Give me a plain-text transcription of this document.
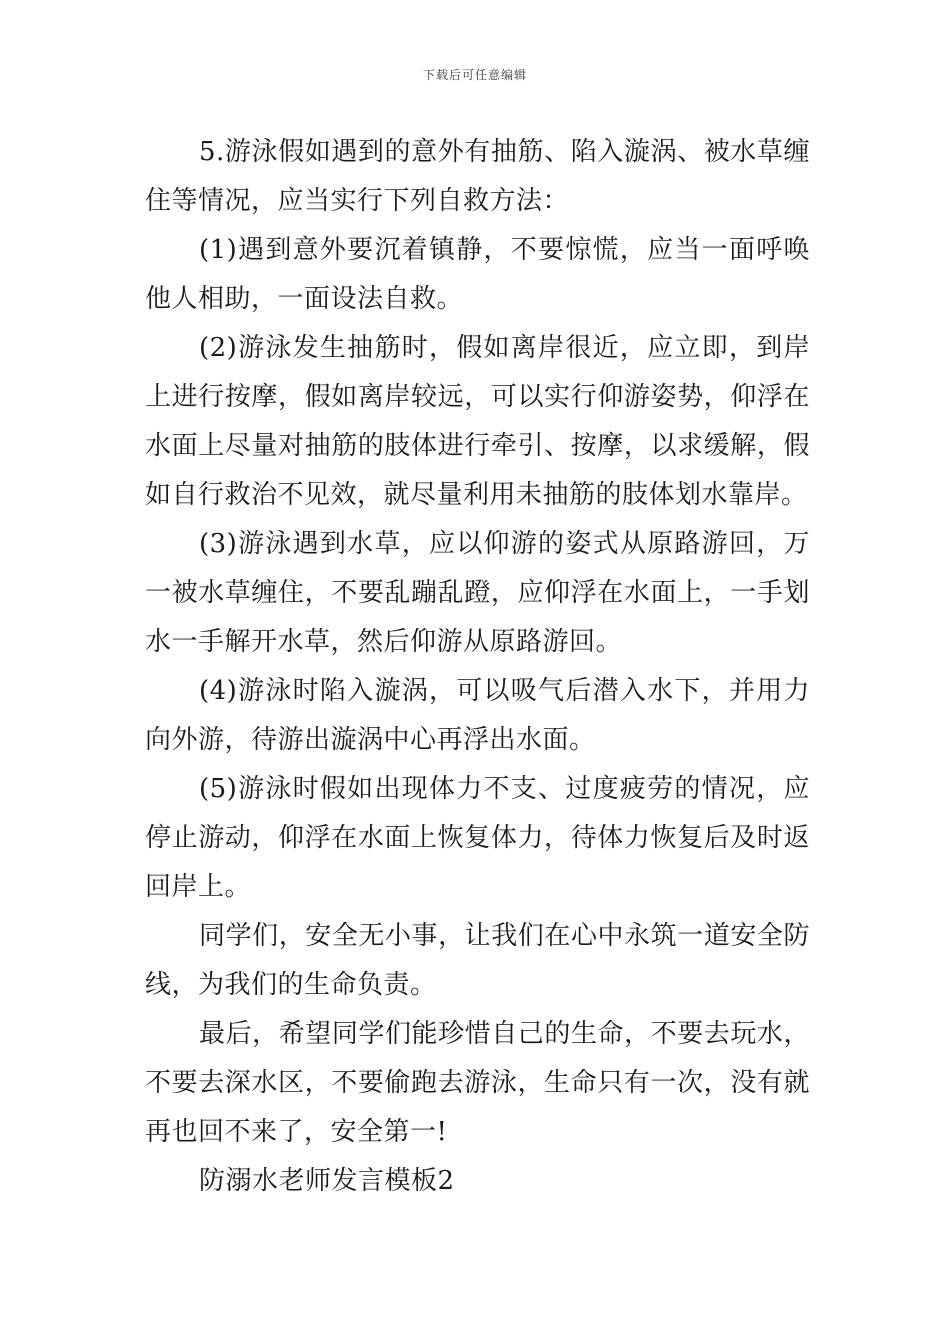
下载后可任意编辑

5.游泳假如遇到的意外有抽筋、陷入漩涡、被水草缠住等情况，应当实行下列自救方法：

(1)遇到意外要沉着镇静，不要惊慌，应当一面呼唤他人相助，一面设法自救。

(2)游泳发生抽筋时，假如离岸很近，应立即，到岸上进行按摩，假如离岸较远，可以实行仰游姿势，仰浮在水面上尽量对抽筋的肢体进行牵引、按摩，以求缓解，假如自行救治不见效，就尽量利用未抽筋的肢体划水靠岸。

(3)游泳遇到水草，应以仰游的姿式从原路游回，万一被水草缠住，不要乱蹦乱蹬，应仰浮在水面上，一手划水一手解开水草，然后仰游从原路游回。

(4)游泳时陷入漩涡，可以吸气后潜入水下，并用力向外游，待游出漩涡中心再浮出水面。

(5)游泳时假如出现体力不支、过度疲劳的情况，应停止游动，仰浮在水面上恢复体力，待体力恢复后及时返回岸上。

同学们，安全无小事，让我们在心中永筑一道安全防线，为我们的生命负责。

最后，希望同学们能珍惜自己的生命，不要去玩水，不要去深水区，不要偷跑去游泳，生命只有一次，没有就再也回不来了，安全第一!

防溺水老师发言模板2
